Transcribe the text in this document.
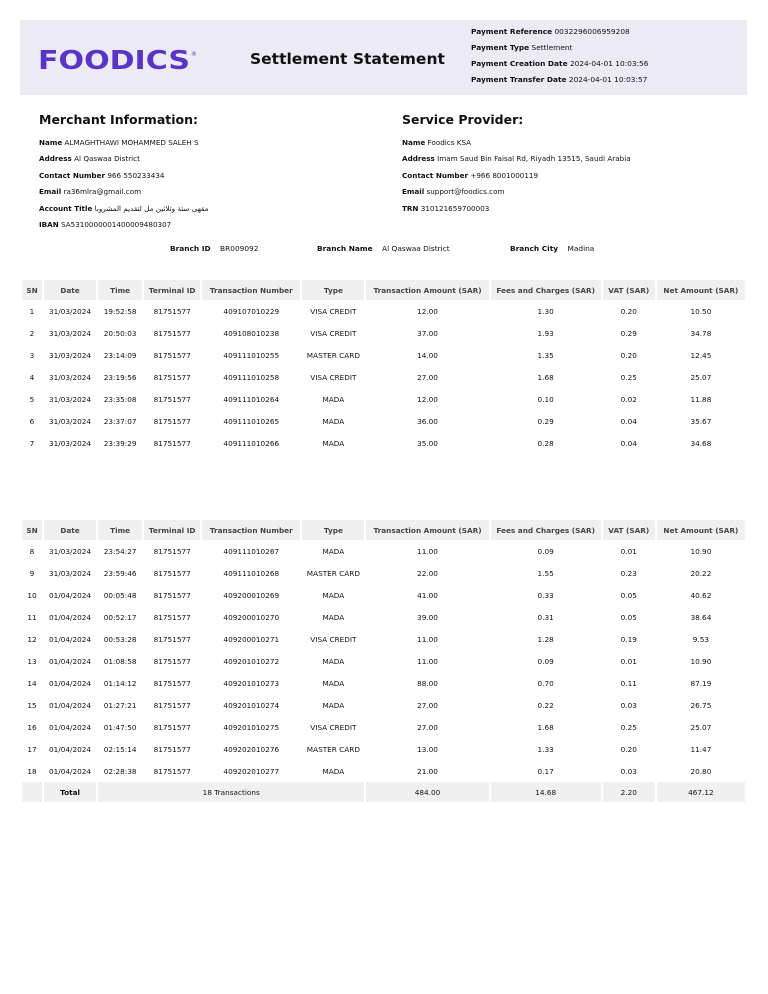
FOODICS ®	Settlement Statement
Payment Reference 0032296006959208
Payment Type Settlement
Payment Creation Date 2024-04-01 10:03:56
Payment Transfer Date 2024-04-01 10:03:57
Merchant Information:
Name ALMAGHTHAWI MOHAMMED SALEH S
Address Al Qaswaa District
Contact Number 966 550233434
Email ra36mlra@gmail.com
Account Title مقهى ستة وثلاثين مل لتقديم المشروبا
IBAN SA5310000001400009480307
Service Provider:
Name Foodics KSA
Address Imam Saud Bin Faisal Rd, Riyadh 13515, Saudi Arabia
Contact Number +966 8001000119
Email support@foodics.com
TRN 310121659700003
Branch ID BR009092	Branch Name Al Qaswaa District	Branch City Madina
SN	Date	Time	Terminal ID	Transaction Number	Type	Transaction Amount (SAR)	Fees and Charges (SAR)	VAT (SAR)	Net Amount (SAR)
1	31/03/2024	19:52:58	81751577	409107010229	VISA CREDIT	12.00	1.30	0.20	10.50
2	31/03/2024	20:50:03	81751577	409108010238	VISA CREDIT	37.00	1.93	0.29	34.78
3	31/03/2024	23:14:09	81751577	409111010255	MASTER CARD	14.00	1.35	0.20	12.45
4	31/03/2024	23:19:56	81751577	409111010258	VISA CREDIT	27.00	1.68	0.25	25.07
5	31/03/2024	23:35:08	81751577	409111010264	MADA	12.00	0.10	0.02	11.88
6	31/03/2024	23:37:07	81751577	409111010265	MADA	36.00	0.29	0.04	35.67
7	31/03/2024	23:39:29	81751577	409111010266	MADA	35.00	0.28	0.04	34.68
SN	Date	Time	Terminal ID	Transaction Number	Type	Transaction Amount (SAR)	Fees and Charges (SAR)	VAT (SAR)	Net Amount (SAR)
8	31/03/2024	23:54:27	81751577	409111010267	MADA	11.00	0.09	0.01	10.90
9	31/03/2024	23:59:46	81751577	409111010268	MASTER CARD	22.00	1.55	0.23	20.22
10	01/04/2024	00:05:48	81751577	409200010269	MADA	41.00	0.33	0.05	40.62
11	01/04/2024	00:52:17	81751577	409200010270	MADA	39.00	0.31	0.05	38.64
12	01/04/2024	00:53:28	81751577	409200010271	VISA CREDIT	11.00	1.28	0.19	9.53
13	01/04/2024	01:08:58	81751577	409201010272	MADA	11.00	0.09	0.01	10.90
14	01/04/2024	01:14:12	81751577	409201010273	MADA	88.00	0.70	0.11	87.19
15	01/04/2024	01:27:21	81751577	409201010274	MADA	27.00	0.22	0.03	26.75
16	01/04/2024	01:47:50	81751577	409201010275	VISA CREDIT	27.00	1.68	0.25	25.07
17	01/04/2024	02:15:14	81751577	409202010276	MASTER CARD	13.00	1.33	0.20	11.47
18	01/04/2024	02:28:38	81751577	409202010277	MADA	21.00	0.17	0.03	20.80
	Total	18 Transactions				484.00	14.68	2.20	467.12
